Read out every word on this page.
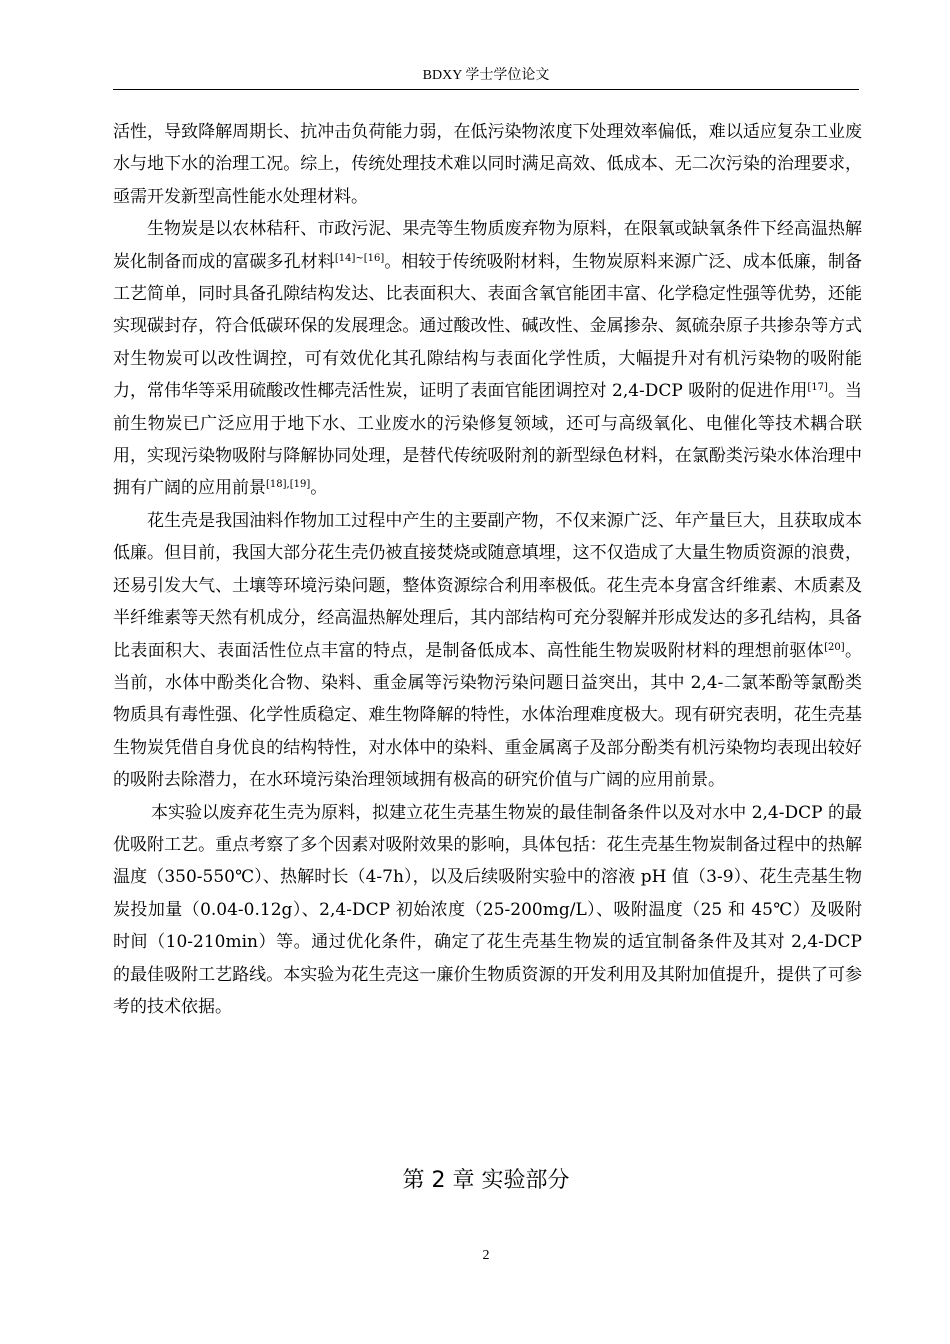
BDXY 学士学位论文

活性，导致降解周期长、抗冲击负荷能力弱，在低污染物浓度下处理效率偏低，难以适应复杂工业废水与地下水的治理工况。综上，传统处理技术难以同时满足高效、低成本、无二次污染的治理要求，亟需开发新型高性能水处理材料。

生物炭是以农林秸秆、市政污泥、果壳等生物质废弃物为原料，在限氧或缺氧条件下经高温热解炭化制备而成的富碳多孔材料[14]~[16]。相较于传统吸附材料，生物炭原料来源广泛、成本低廉，制备工艺简单，同时具备孔隙结构发达、比表面积大、表面含氧官能团丰富、化学稳定性强等优势，还能实现碳封存，符合低碳环保的发展理念。通过酸改性、碱改性、金属掺杂、氮硫杂原子共掺杂等方式对生物炭可以改性调控，可有效优化其孔隙结构与表面化学性质，大幅提升对有机污染物的吸附能力，常伟华等采用硫酸改性椰壳活性炭，证明了表面官能团调控对 2,4-DCP 吸附的促进作用[17]。当前生物炭已广泛应用于地下水、工业废水的污染修复领域，还可与高级氧化、电催化等技术耦合联用，实现污染物吸附与降解协同处理，是替代传统吸附剂的新型绿色材料，在氯酚类污染水体治理中拥有广阔的应用前景[18],[19]。

花生壳是我国油料作物加工过程中产生的主要副产物，不仅来源广泛、年产量巨大，且获取成本低廉。但目前，我国大部分花生壳仍被直接焚烧或随意填埋，这不仅造成了大量生物质资源的浪费，还易引发大气、土壤等环境污染问题，整体资源综合利用率极低。花生壳本身富含纤维素、木质素及半纤维素等天然有机成分，经高温热解处理后，其内部结构可充分裂解并形成发达的多孔结构，具备比表面积大、表面活性位点丰富的特点，是制备低成本、高性能生物炭吸附材料的理想前驱体[20]。当前，水体中酚类化合物、染料、重金属等污染物污染问题日益突出，其中 2,4-二氯苯酚等氯酚类物质具有毒性强、化学性质稳定、难生物降解的特性，水体治理难度极大。现有研究表明，花生壳基生物炭凭借自身优良的结构特性，对水体中的染料、重金属离子及部分酚类有机污染物均表现出较好的吸附去除潜力，在水环境污染治理领域拥有极高的研究价值与广阔的应用前景。

本实验以废弃花生壳为原料，拟建立花生壳基生物炭的最佳制备条件以及对水中 2,4-DCP 的最优吸附工艺。重点考察了多个因素对吸附效果的影响，具体包括：花生壳基生物炭制备过程中的热解温度（350-550℃）、热解时长（4-7h），以及后续吸附实验中的溶液 pH 值（3-9）、花生壳基生物炭投加量（0.04-0.12g）、2,4-DCP 初始浓度（25-200mg/L）、吸附温度（25 和 45℃）及吸附时间（10-210min）等。通过优化条件，确定了花生壳基生物炭的适宜制备条件及其对 2,4-DCP 的最佳吸附工艺路线。本实验为花生壳这一廉价生物质资源的开发利用及其附加值提升，提供了可参考的技术依据。

第 2 章 实验部分
2
